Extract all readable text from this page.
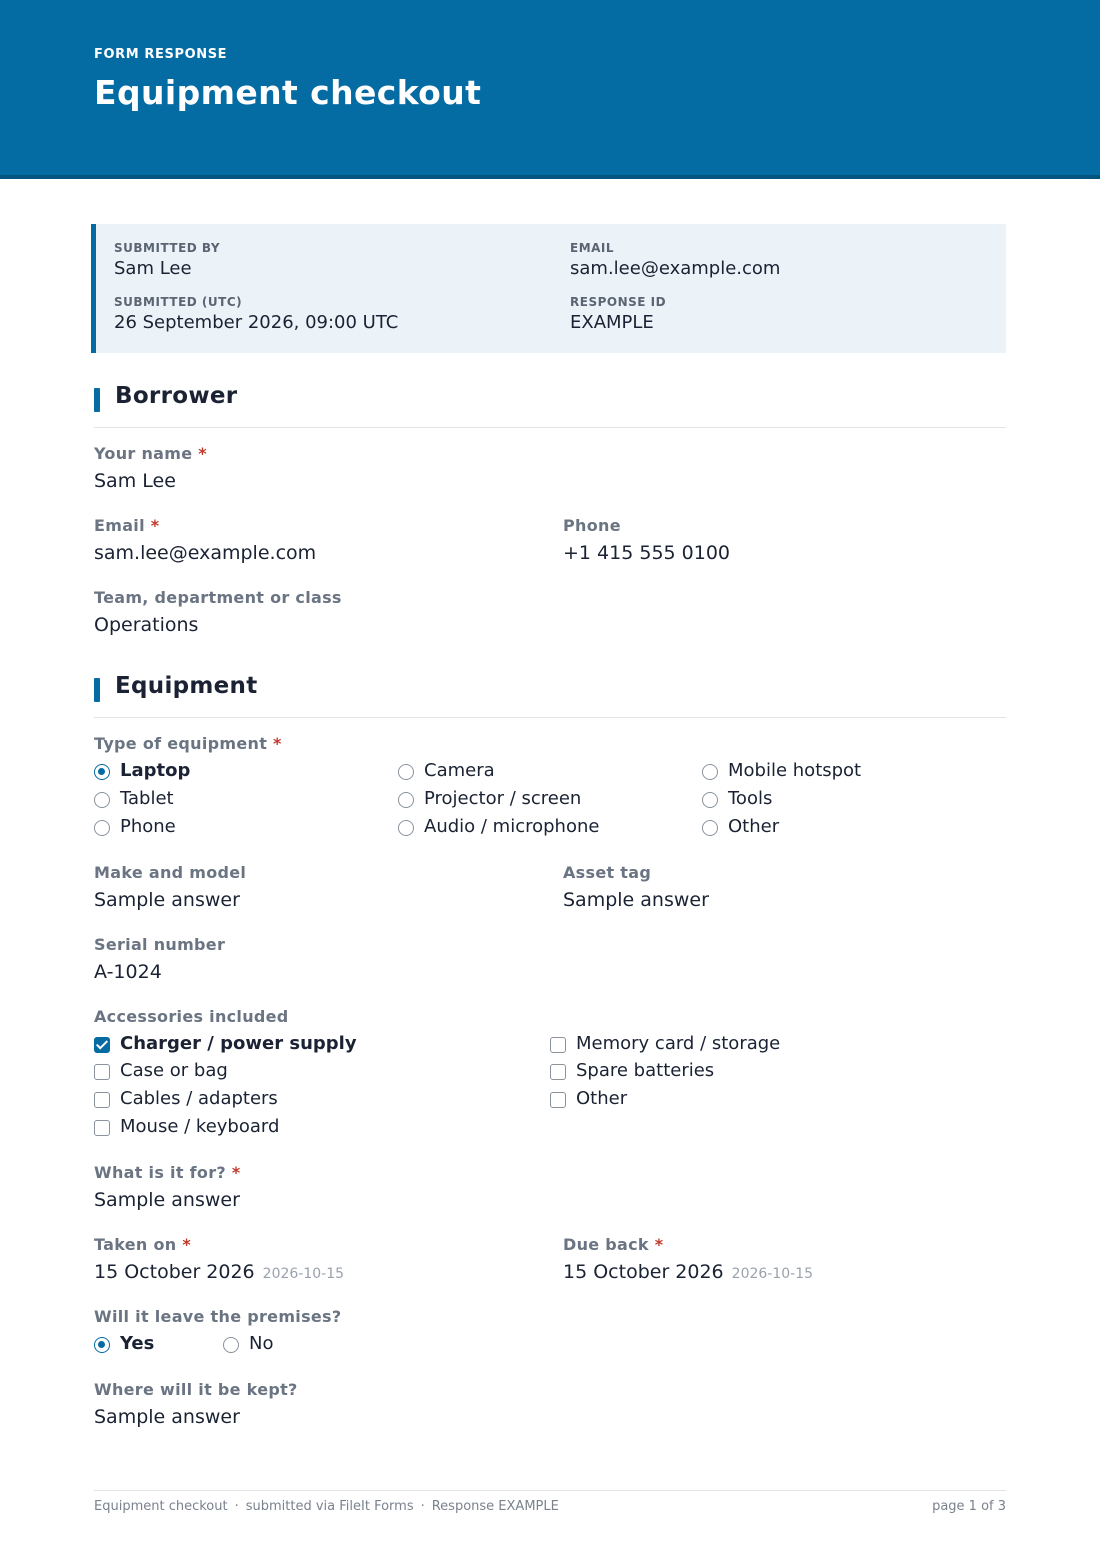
FORM RESPONSE
Equipment checkout
SUBMITTED BY
Sam Lee
EMAIL
sam.lee@example.com
SUBMITTED (UTC)
26 September 2026, 09:00 UTC
RESPONSE ID
EXAMPLE
Borrower
Your name *
Sam Lee
Email *
sam.lee@example.com
Phone
+1 415 555 0100
Team, department or class
Operations
Equipment
Type of equipment *
Laptop
Tablet
Phone
Camera
Projector / screen
Audio / microphone
Mobile hotspot
Tools
Other
Make and model
Sample answer
Asset tag
Sample answer
Serial number
A-1024
Accessories included
Charger / power supply
Case or bag
Cables / adapters
Mouse / keyboard
Memory card / storage
Spare batteries
Other
What is it for? *
Sample answer
Taken on *
15 October 2026 2026-10-15
Due back *
15 October 2026 2026-10-15
Will it leave the premises?
Yes	No
Where will it be kept?
Sample answer
Equipment checkout · submitted via FileIt Forms · Response EXAMPLE	page 1 of 3
